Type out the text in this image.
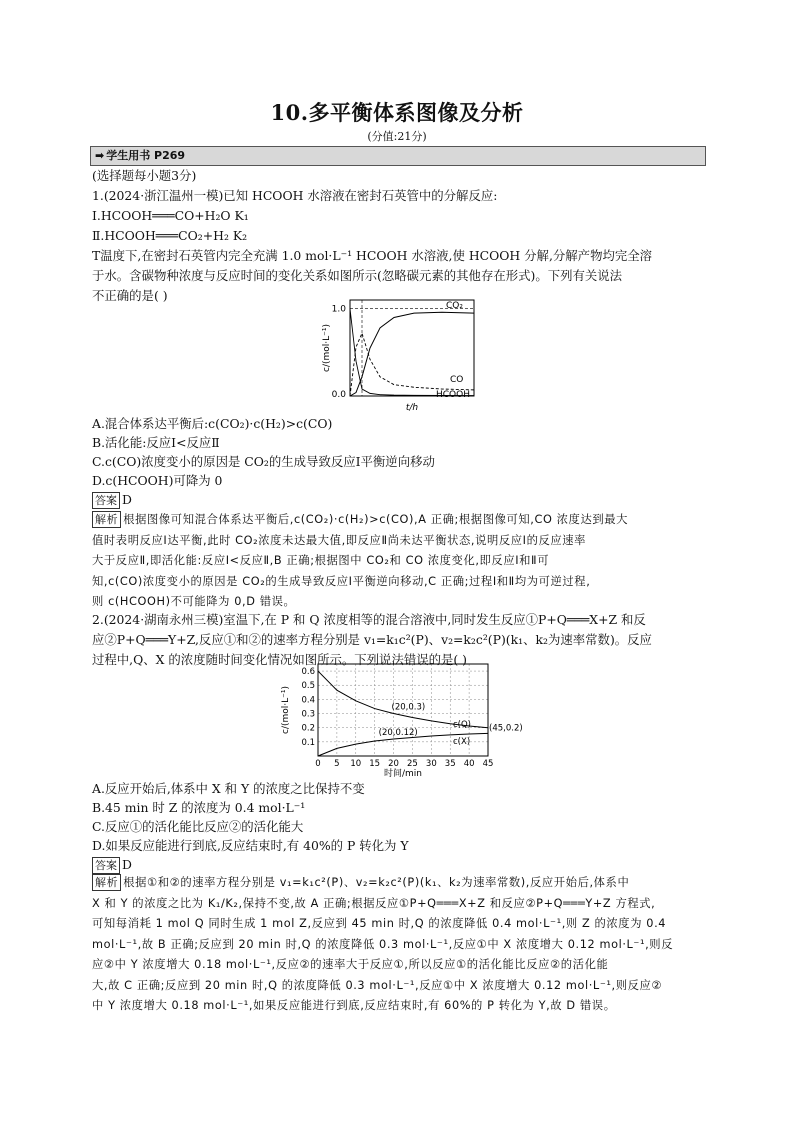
10.多平衡体系图像及分析
(分值:21分)
➡ 学生用书 P269
(选择题每小题3分)
1.(2024·浙江温州一模)已知 HCOOH 水溶液在密封石英管中的分解反应:
Ⅰ.HCOOH═══CO+H₂O K₁
Ⅱ.HCOOH═══CO₂+H₂ K₂
T温度下,在密封石英管内完全充满 1.0 mol·L⁻¹ HCOOH 水溶液,使 HCOOH 分解,分解产物均完全溶
于水。含碳物种浓度与反应时间的变化关系如图所示(忽略碳元素的其他存在形式)。下列有关说法
不正确的是( )
1.0
0.0
c/(mol·L⁻¹)
t/h
CO₂
CO
HCOOH
A.混合体系达平衡后:c(CO₂)·c(H₂)>c(CO)
B.活化能:反应Ⅰ<反应Ⅱ
C.c(CO)浓度变小的原因是 CO₂的生成导致反应Ⅰ平衡逆向移动
D.c(HCOOH)可降为 0
答案 D
解析 根据图像可知混合体系达平衡后,c(CO₂)·c(H₂)>c(CO),A 正确;根据图像可知,CO 浓度达到最大
值时表明反应Ⅰ达平衡,此时 CO₂浓度未达最大值,即反应Ⅱ尚未达平衡状态,说明反应Ⅰ的反应速率
大于反应Ⅱ,即活化能:反应Ⅰ<反应Ⅱ,B 正确;根据图中 CO₂和 CO 浓度变化,即反应Ⅰ和Ⅱ可
知,c(CO)浓度变小的原因是 CO₂的生成导致反应Ⅰ平衡逆向移动,C 正确;过程Ⅰ和Ⅱ均为可逆过程,
则 c(HCOOH)不可能降为 0,D 错误。
2.(2024·湖南永州三模)室温下,在 P 和 Q 浓度相等的混合溶液中,同时发生反应①P+Q═══X+Z 和反
应②P+Q═══Y+Z,反应①和②的速率方程分别是 v₁=k₁c²(P)、v₂=k₂c²(P)(k₁、k₂为速率常数)。反应
过程中,Q、X 的浓度随时间变化情况如图所示。下列说法错误的是( )
0 5 10 15 20 25 30 35 40 45
0.1
0.2
0.3
0.4
0.5
0.6
c/(mol·L⁻¹)
时间/min
c(Q)
c(X)
(20,0.3)
(20,0.12)	(45,0.2)
A.反应开始后,体系中 X 和 Y 的浓度之比保持不变
B.45 min 时 Z 的浓度为 0.4 mol·L⁻¹
C.反应①的活化能比反应②的活化能大
D.如果反应能进行到底,反应结束时,有 40%的 P 转化为 Y
答案 D
解析 根据①和②的速率方程分别是 v₁=k₁c²(P)、v₂=k₂c²(P)(k₁、k₂为速率常数),反应开始后,体系中
X 和 Y 的浓度之比为 K₁/K₂,保持不变,故 A 正确;根据反应①P+Q═══X+Z 和反应②P+Q═══Y+Z 方程式,
可知每消耗 1 mol Q 同时生成 1 mol Z,反应到 45 min 时,Q 的浓度降低 0.4 mol·L⁻¹,则 Z 的浓度为 0.4
mol·L⁻¹,故 B 正确;反应到 20 min 时,Q 的浓度降低 0.3 mol·L⁻¹,反应①中 X 浓度增大 0.12 mol·L⁻¹,则反
应②中 Y 浓度增大 0.18 mol·L⁻¹,反应②的速率大于反应①,所以反应①的活化能比反应②的活化能
大,故 C 正确;反应到 20 min 时,Q 的浓度降低 0.3 mol·L⁻¹,反应①中 X 浓度增大 0.12 mol·L⁻¹,则反应②
中 Y 浓度增大 0.18 mol·L⁻¹,如果反应能进行到底,反应结束时,有 60%的 P 转化为 Y,故 D 错误。
